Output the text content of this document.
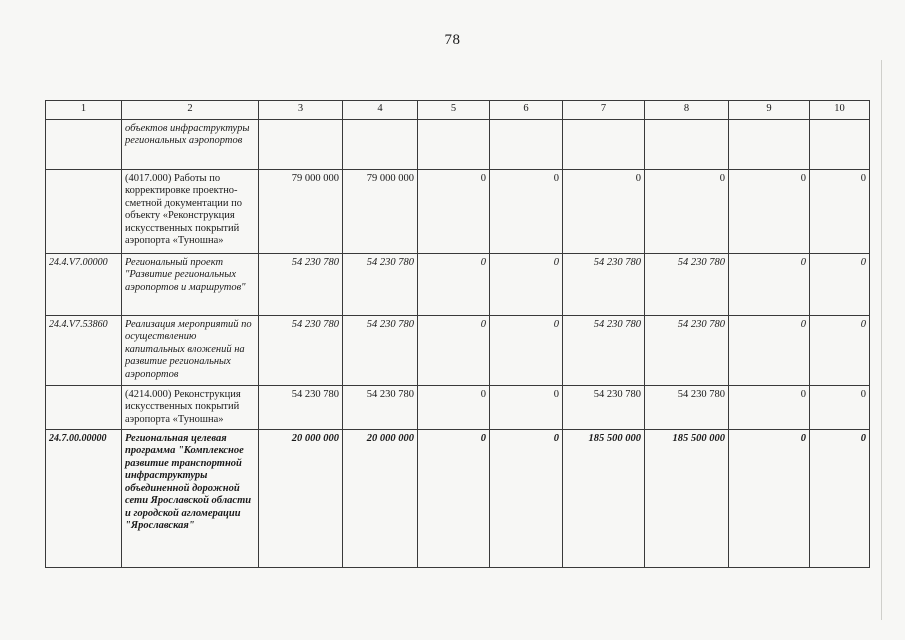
78
1	2	3	4	5	6	7	8	9	10
	объектов инфраструктуры региональных аэропортов								
	(4017.000) Работы по корректировке проектно-сметной документации по объекту «Реконструкция искусственных покрытий аэропорта «Туношна»	79 000 000	79 000 000	0	0	0	0	0	0
24.4.V7.00000	Региональный проект "Развитие региональных аэропортов и маршрутов"	54 230 780	54 230 780	0	0	54 230 780	54 230 780	0	0
24.4.V7.53860	Реализация мероприятий по осуществлению капитальных вложений на развитие региональных аэропортов	54 230 780	54 230 780	0	0	54 230 780	54 230 780	0	0
	(4214.000) Реконструкция искусственных покрытий аэропорта «Туношна»	54 230 780	54 230 780	0	0	54 230 780	54 230 780	0	0
24.7.00.00000	Региональная целевая программа "Комплексное развитие транспортной инфраструктуры объединенной дорожной сети Ярославской области и городской агломерации "Ярославская"	20 000 000	20 000 000	0	0	185 500 000	185 500 000	0	0
